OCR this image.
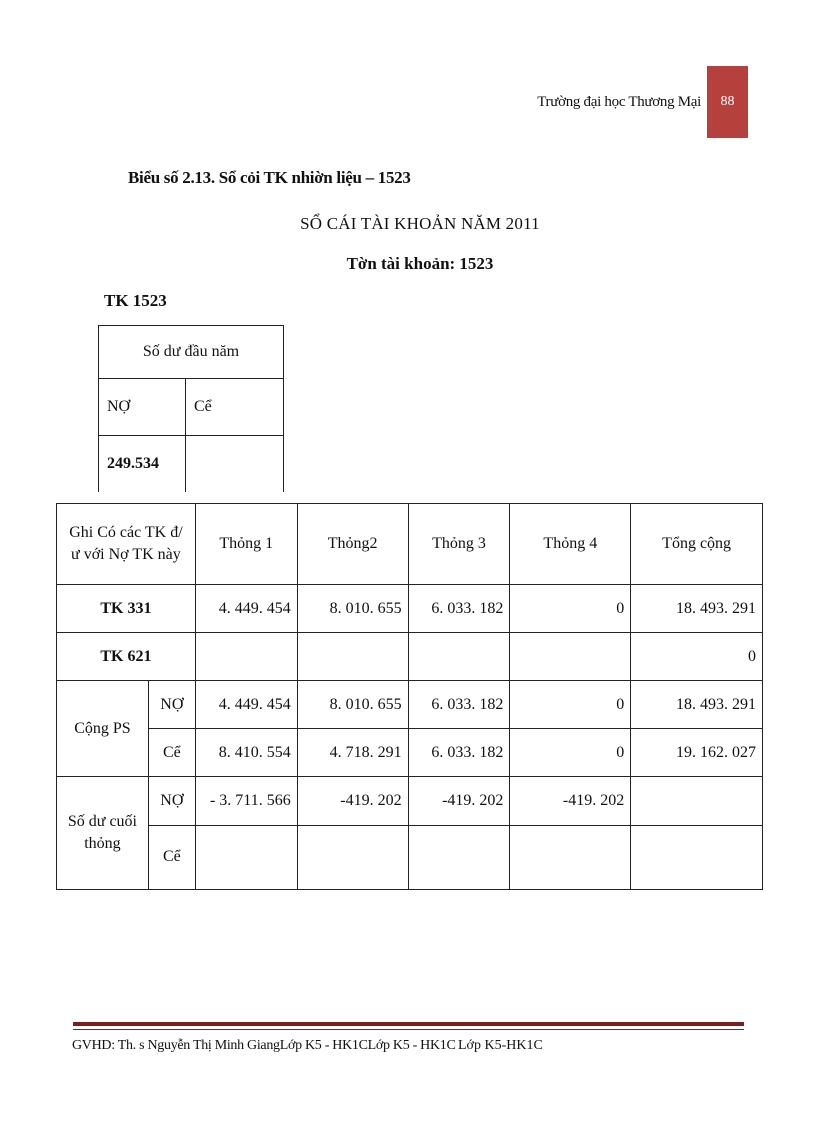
Trường đại học Thương Mại 88
Biểu số 2.13. Sổ cỏi TK nhiờn liệu – 1523
SỔ CÁI TÀI KHOẢN NĂM 2011
Tờn tài khoản: 1523
TK 1523
Số dư đầu năm	
NỢ	Cể
249.534	
Ghi Có các TK đ/ ư với Nợ TK này		Thỏng 1	Thỏng2	Thỏng 3	Thỏng 4	Tổng cộng
TK 331		4. 449. 454	8. 010. 655	6. 033. 182	0	18. 493. 291
TK 621						0
Cộng PS	NỢ	4. 449. 454	8. 010. 655	6. 033. 182	0	18. 493. 291
	Cể	8. 410. 554	4. 718. 291	6. 033. 182	0	19. 162. 027
Số dư cuối thỏng	NỢ	- 3. 711. 566	-419. 202	-419. 202	-419. 202	
	Cể					
GVHD: Th. s Nguyễn Thị Minh GiangLớp K5 - HK1CLớp K5 - HK1C Lớp K5-HK1C
